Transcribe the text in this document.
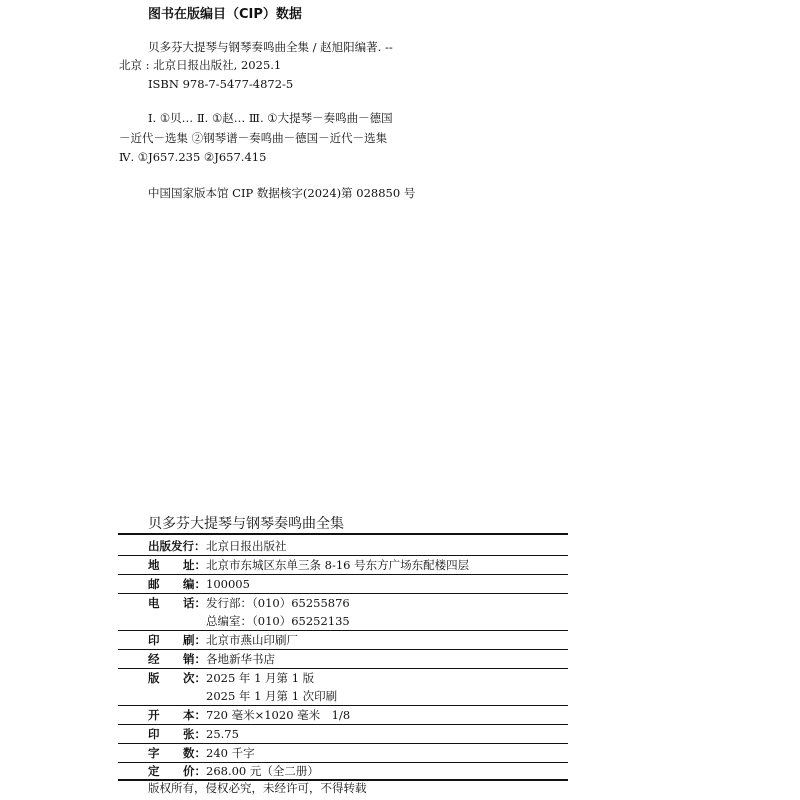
图书在版编目（CIP）数据
贝多芬大提琴与钢琴奏鸣曲全集 / 赵旭阳编著. --
北京 : 北京日报出版社, 2025.1
ISBN 978-7-5477-4872-5
Ⅰ. ①贝… Ⅱ. ①赵… Ⅲ. ①大提琴－奏鸣曲－德国
－近代－选集 ②钢琴谱－奏鸣曲－德国－近代－选集
Ⅳ. ①J657.235 ②J657.415
中国国家版本馆 CIP 数据核字(2024)第 028850 号
贝多芬大提琴与钢琴奏鸣曲全集
出版发行： 北京日报出版社
地 址： 北京市东城区东单三条 8-16 号东方广场东配楼四层
邮 编： 100005
电 话： 发行部：（010）65255876
总编室：（010）65252135
印 刷： 北京市燕山印刷厂
经 销： 各地新华书店
版 次： 2025 年 1 月第 1 版
2025 年 1 月第 1 次印刷
开 本： 720 毫米×1020 毫米　1/8
印 张： 25.75
字 数： 240 千字
定 价： 268.00 元（全二册）
版权所有，侵权必究，未经许可，不得转载
